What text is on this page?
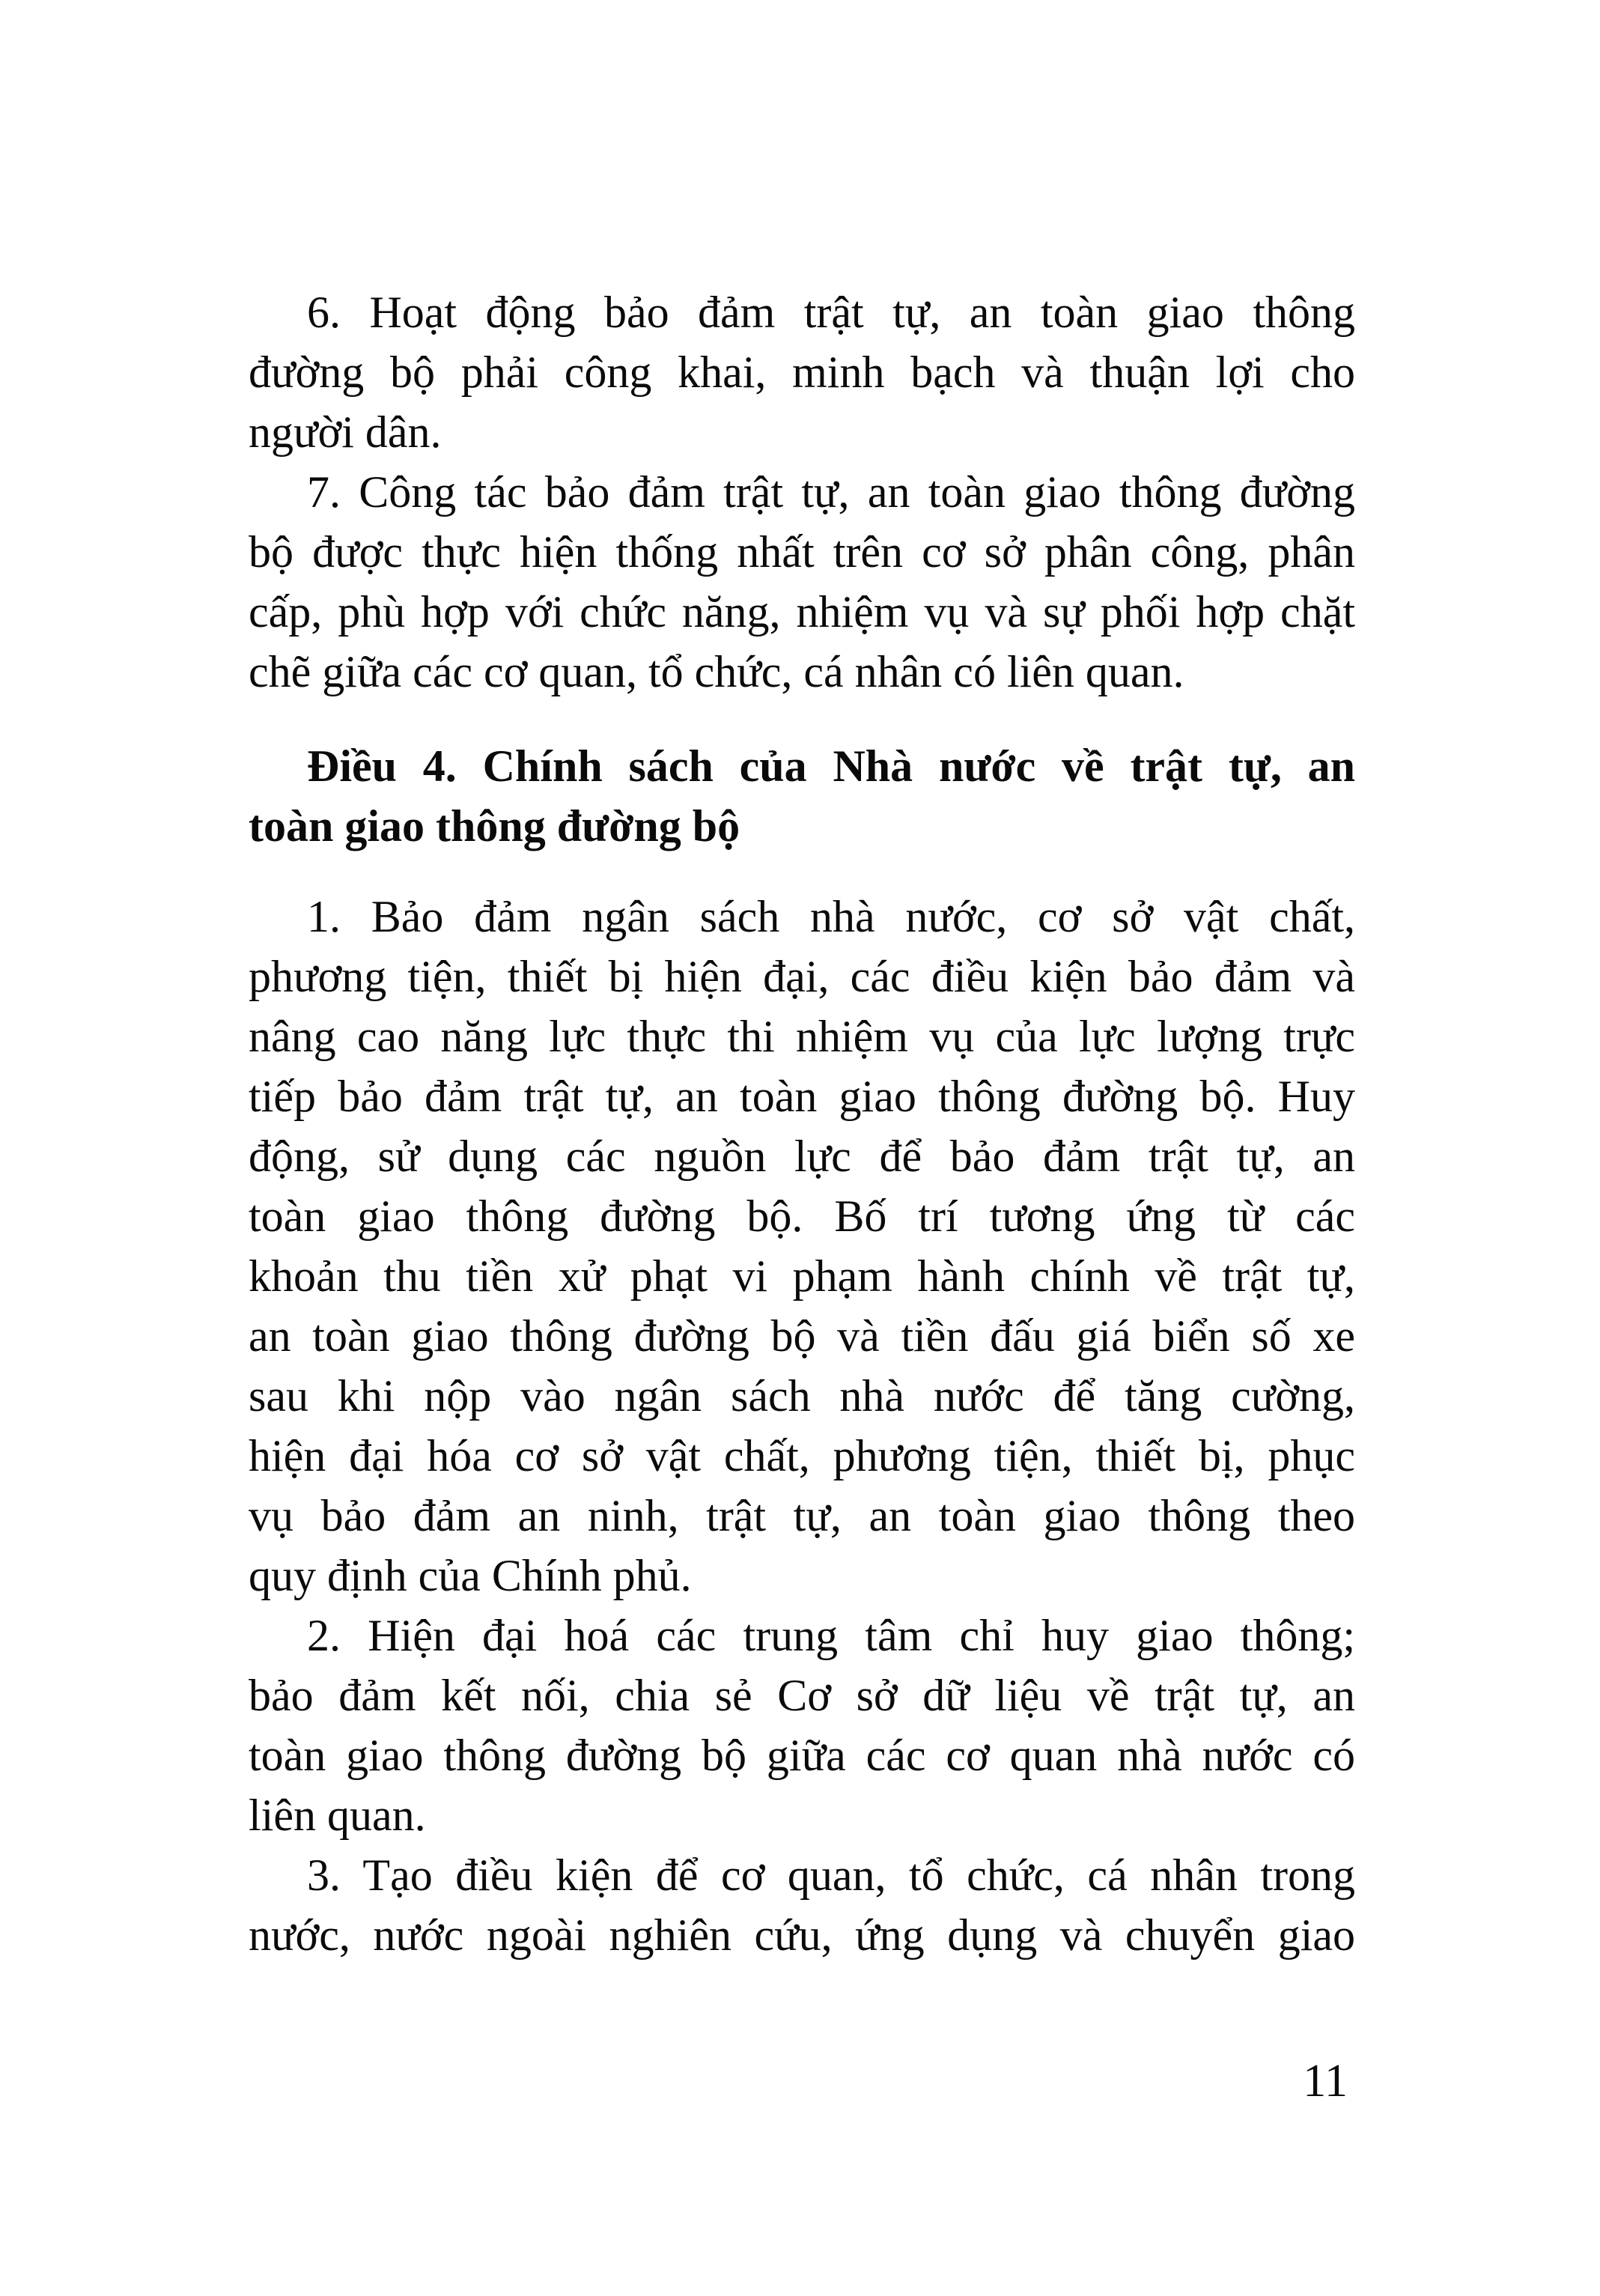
6. Hoạt động bảo đảm trật tự, an toàn giao thông
đường bộ phải công khai, minh bạch và thuận lợi cho
người dân.
7. Công tác bảo đảm trật tự, an toàn giao thông đường
bộ được thực hiện thống nhất trên cơ sở phân công, phân
cấp, phù hợp với chức năng, nhiệm vụ và sự phối hợp chặt
chẽ giữa các cơ quan, tổ chức, cá nhân có liên quan.
Điều 4. Chính sách của Nhà nước về trật tự, an
toàn giao thông đường bộ
1. Bảo đảm ngân sách nhà nước, cơ sở vật chất,
phương tiện, thiết bị hiện đại, các điều kiện bảo đảm và
nâng cao năng lực thực thi nhiệm vụ của lực lượng trực
tiếp bảo đảm trật tự, an toàn giao thông đường bộ. Huy
động, sử dụng các nguồn lực để bảo đảm trật tự, an
toàn giao thông đường bộ. Bố trí tương ứng từ các
khoản thu tiền xử phạt vi phạm hành chính về trật tự,
an toàn giao thông đường bộ và tiền đấu giá biển số xe
sau khi nộp vào ngân sách nhà nước để tăng cường,
hiện đại hóa cơ sở vật chất, phương tiện, thiết bị, phục
vụ bảo đảm an ninh, trật tự, an toàn giao thông theo
quy định của Chính phủ.
2. Hiện đại hoá các trung tâm chỉ huy giao thông;
bảo đảm kết nối, chia sẻ Cơ sở dữ liệu về trật tự, an
toàn giao thông đường bộ giữa các cơ quan nhà nước có
liên quan.
3. Tạo điều kiện để cơ quan, tổ chức, cá nhân trong
nước, nước ngoài nghiên cứu, ứng dụng và chuyển giao
11
